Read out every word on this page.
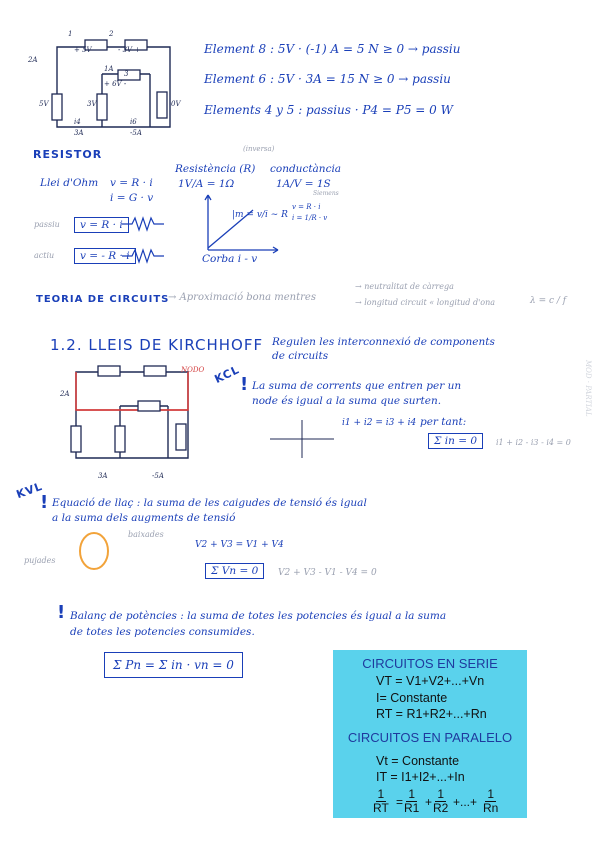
1	2
3
+ 5V -	- 3V +
2A
1A
+ 6V -
5V	3V	0V
i4	i6
3A	-5A
Element 8 : 5V · (-1) A = 5 N ≥ 0 → passiu
Element 6 : 5V · 3A = 15 N ≥ 0 → passiu
Elements 4 y 5 : passius · P4 = P5 = 0 W
RESISTOR	(inversa)
Resistència (R)
1V/A = 1Ω
conductància
1A/V = 1S
Siemens
Llei d'Ohm v = R · i
i = G · v
passiu	v = R · i
actiu	v = - R · i
|m = v/i ∼ R
v = R · i
i = 1/R · v
Corba i - v
TEORIA DE CIRCUITS
→ Aproximació bona mentres
→ neutralitat de càrrega
→ longitud circuit « longitud d'ona	λ = c / f
1.2. LLEIS DE KIRCHHOFF Regulen les interconnexió de components
de circuits
MOD · PARTIAL
NODO
2A
3A	-5A
KCL
! La suma de corrents que entren per un
node és igual a la suma que surten.
i1 + i2 = i3 + i4 per tant:
Σ in = 0	i1 + i2 - i3 - i4 = 0
KVL
! Equació de llaç : la suma de les caigudes de tensió és igual
a la suma dels augments de tensió
pujades
baixades
V2 + V3 = V1 + V4
Σ Vn = 0	V2 + V3 - V1 - V4 = 0
! Balanç de potències : la suma de totes les potencies és igual a la suma
de totes les potencies consumides.
Σ Pn = Σ in · vn = 0	CIRCUITOS EN SERIE
VT = V1+V2+...+Vn
I= Constante
RT = R1+R2+...+Rn
CIRCUITOS EN PARALELO
Vt = Constante
IT = I1+I2+...+In
$\frac{1}{RT} = \frac{1}{R1} + \frac{1}{R2}$ +...+ $\frac{1}{Rn}$
